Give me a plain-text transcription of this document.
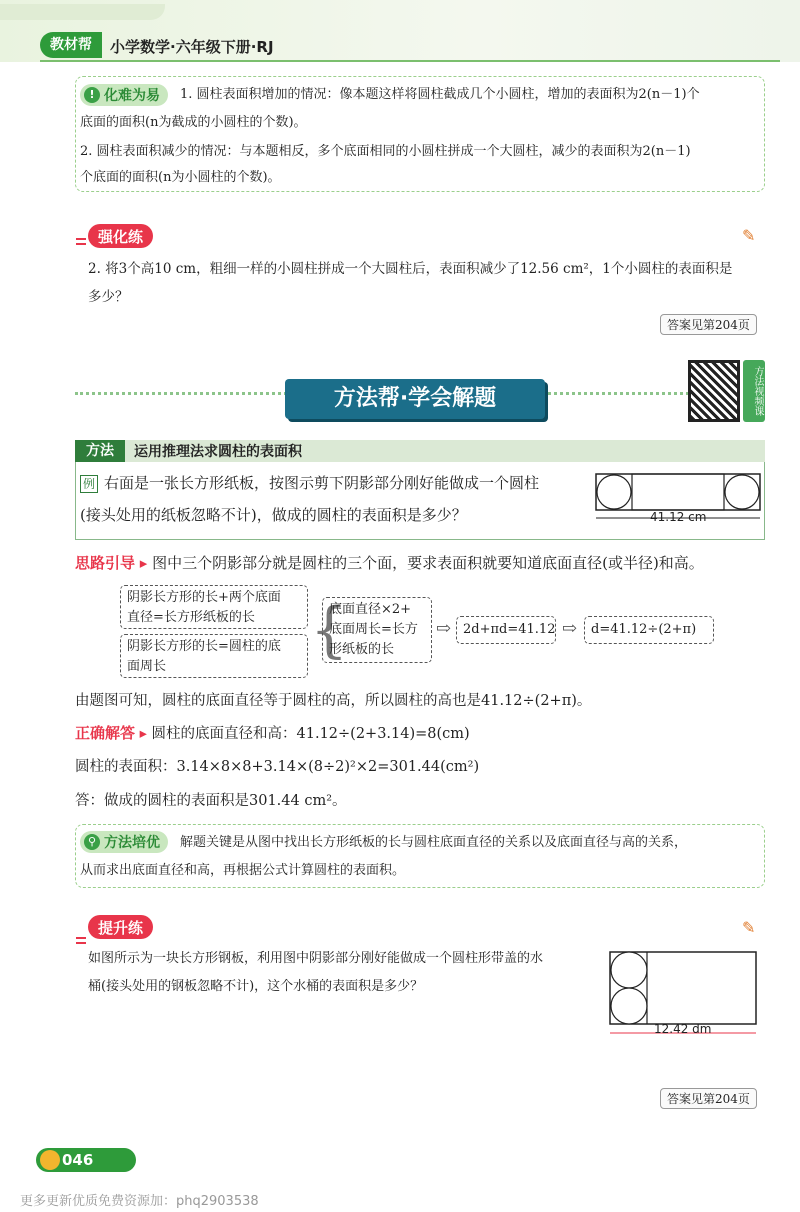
教材帮	小学数学·六年级下册·RJ
! 化难为易 1. 圆柱表面积增加的情况：像本题这样将圆柱截成几个小圆柱，增加的表面积为2(n－1)个
底面的面积(n为截成的小圆柱的个数)。
2. 圆柱表面积减少的情况：与本题相反，多个底面相同的小圆柱拼成一个大圆柱，减少的表面积为2(n－1)
个底面的面积(n为小圆柱的个数)。
强化练	✎
2. 将3个高10 cm，粗细一样的小圆柱拼成一个大圆柱后，表面积减少了12.56 cm²，1个小圆柱的表面积是
多少？
答案见第204页
方法帮·学会解题	方法视频课
方法	运用推理法求圆柱的表面积
例 右面是一张长方形纸板，按图示剪下阴影部分刚好能做成一个圆柱
(接头处用的纸板忽略不计)，做成的圆柱的表面积是多少？	41.12 cm
思路引导 ▸ 图中三个阴影部分就是圆柱的三个面，要求表面积就要知道底面直径(或半径)和高。
阴影长方形的长+两个底面
直径=长方形纸板的长
阴影长方形的长=圆柱的底
面周长
{
底面直径×2+
底面周长=长方
形纸板的长
⇨ 2d+πd=41.12 ⇨	d=41.12÷(2+π)
由题图可知，圆柱的底面直径等于圆柱的高，所以圆柱的高也是41.12÷(2+π)。
正确解答 ▸ 圆柱的底面直径和高：41.12÷(2+3.14)=8(cm)
圆柱的表面积：3.14×8×8+3.14×(8÷2)²×2=301.44(cm²)
答：做成的圆柱的表面积是301.44 cm²。
⚲ 方法培优 解题关键是从图中找出长方形纸板的长与圆柱底面直径的关系以及底面直径与高的关系，
从而求出底面直径和高，再根据公式计算圆柱的表面积。
提升练	✎
如图所示为一块长方形钢板，利用图中阴影部分刚好能做成一个圆柱形带盖的水
桶(接头处用的钢板忽略不计)，这个水桶的表面积是多少？
12.42 dm
答案见第204页
046
更多更新优质免费资源加：phq2903538
